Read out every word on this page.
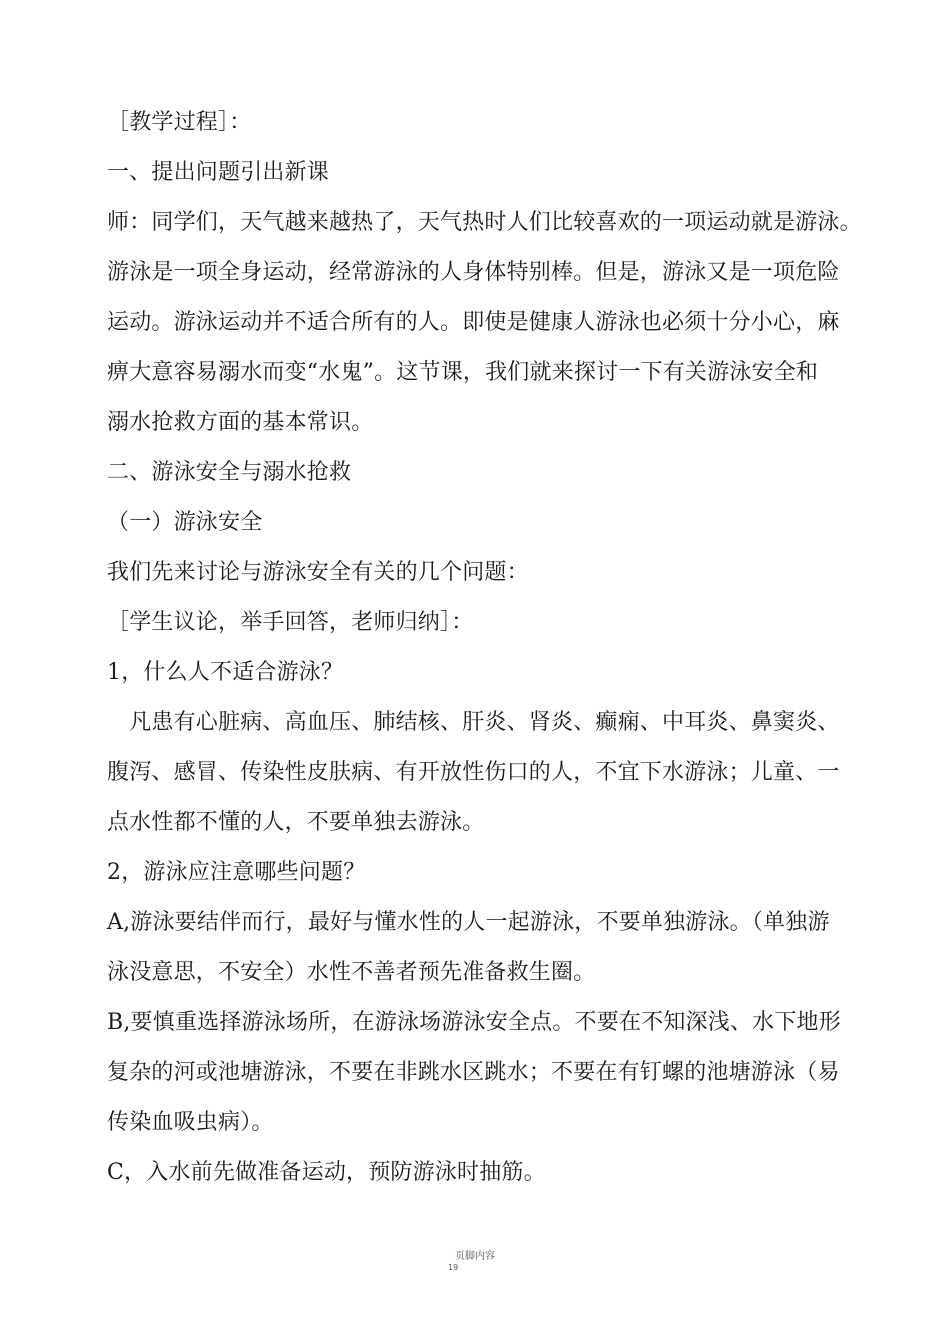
［教学过程］：
一、提出问题引出新课
师：同学们，天气越来越热了，天气热时人们比较喜欢的一项运动就是游泳。
游泳是一项全身运动，经常游泳的人身体特别棒。但是，游泳又是一项危险
运动。游泳运动并不适合所有的人。即使是健康人游泳也必须十分小心，麻
痹大意容易溺水而变“水鬼”。这节课，我们就来探讨一下有关游泳安全和
溺水抢救方面的基本常识。
二、游泳安全与溺水抢救
（一）游泳安全
我们先来讨论与游泳安全有关的几个问题：
［学生议论，举手回答，老师归纳］：
1，什么人不适合游泳？
　凡患有心脏病、高血压、肺结核、肝炎、肾炎、癫痫、中耳炎、鼻窦炎、
腹泻、感冒、传染性皮肤病、有开放性伤口的人，不宜下水游泳；儿童、一
点水性都不懂的人，不要单独去游泳。
2，游泳应注意哪些问题？
A,游泳要结伴而行，最好与懂水性的人一起游泳，不要单独游泳。（单独游
泳没意思，不安全）水性不善者预先准备救生圈。
B,要慎重选择游泳场所，在游泳场游泳安全点。不要在不知深浅、水下地形
复杂的河或池塘游泳，不要在非跳水区跳水；不要在有钉螺的池塘游泳（易
传染血吸虫病）。
C，入水前先做准备运动，预防游泳时抽筋。
页脚内容
19
